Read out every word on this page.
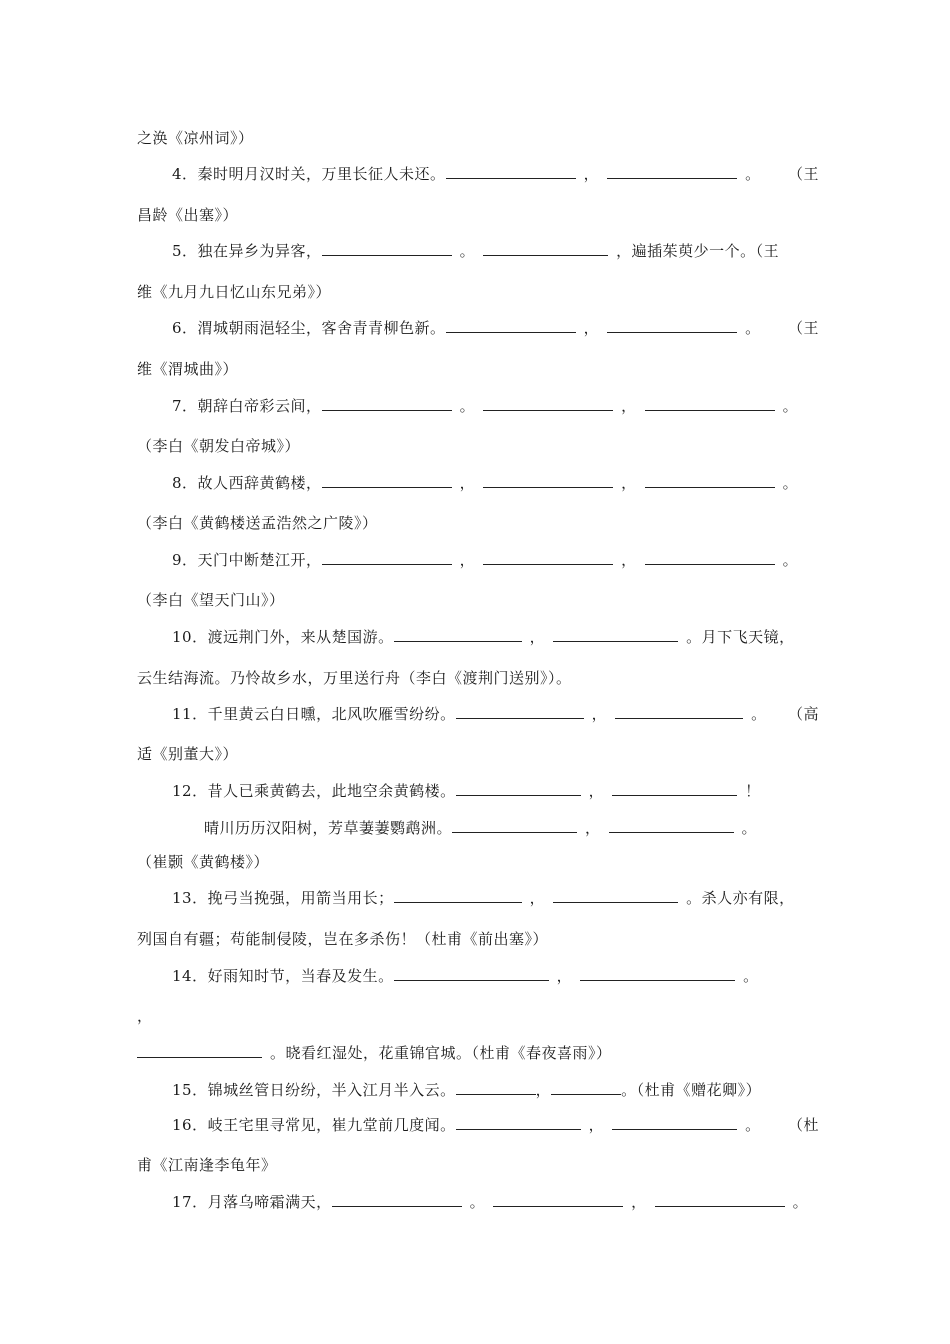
之涣《凉州词》）
4．秦时明月汉时关，万里长征人未还。	，	。	（王
昌龄《出塞》）
5．独在异乡为异客，	。	，遍插茱萸少一个。（王
维《九月九日忆山东兄弟》）
6．渭城朝雨浥轻尘，客舍青青柳色新。	，	。	（王
维《渭城曲》）
7．朝辞白帝彩云间，	。	，	。
（李白《朝发白帝城》）
8．故人西辞黄鹤楼，	，	，	。
（李白《黄鹤楼送孟浩然之广陵》）
9．天门中断楚江开，	，	，	。
（李白《望天门山》）
10．渡远荆门外，来从楚国游。	，	。月下飞天镜，
云生结海流。乃怜故乡水，万里送行舟（李白《渡荆门送别》）。
11．千里黄云白日曛，北风吹雁雪纷纷。	，	。	（高
适《别董大》）
12．昔人已乘黄鹤去，此地空余黄鹤楼。	，	！
晴川历历汉阳树，芳草萋萋鹦鹉洲。	，	。
（崔颢《黄鹤楼》）
13．挽弓当挽强，用箭当用长；	，	。杀人亦有限，
列国自有疆；苟能制侵陵，岂在多杀伤！（杜甫《前出塞》）
14．好雨知时节，当春及发生。	，	。
，
。晓看红湿处，花重锦官城。（杜甫《春夜喜雨》）
15．锦城丝管日纷纷，半入江月半入云。	，	。（杜甫《赠花卿》）
16．岐王宅里寻常见，崔九堂前几度闻。	，	。	（杜
甫《江南逢李龟年》
17．月落乌啼霜满天，	。	，	。
